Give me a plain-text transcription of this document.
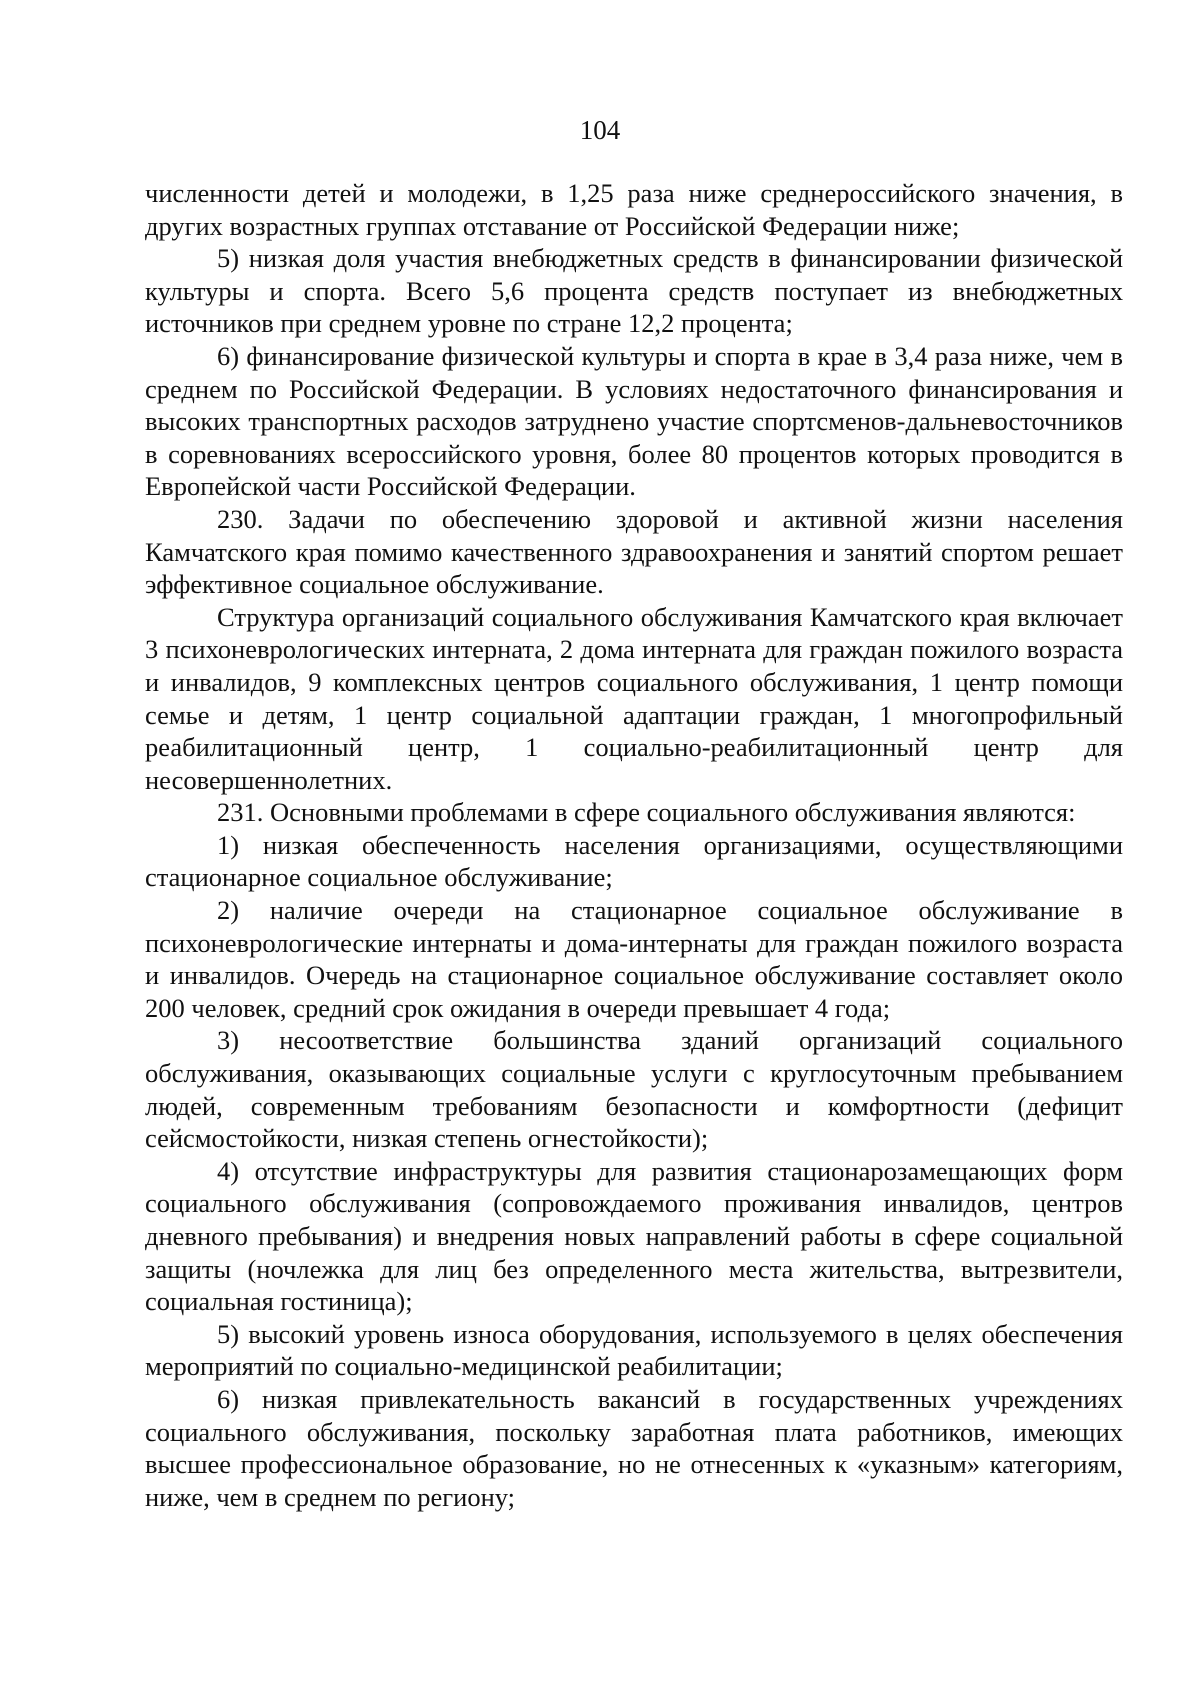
104

численности детей и молодежи, в 1,25 раза ниже среднероссийского значения, в других возрастных группах отставание от Российской Федерации ниже;

5) низкая доля участия внебюджетных средств в финансировании физической культуры и спорта. Всего 5,6 процента средств поступает из внебюджетных источников при среднем уровне по стране 12,2 процента;

6) финансирование физической культуры и спорта в крае в 3,4 раза ниже, чем в среднем по Российской Федерации. В условиях недостаточного финансирования и высоких транспортных расходов затруднено участие спортсменов-дальневосточников в соревнованиях всероссийского уровня, более 80 процентов которых проводится в Европейской части Российской Федерации.

230. Задачи по обеспечению здоровой и активной жизни населения Камчатского края помимо качественного здравоохранения и занятий спортом решает эффективное социальное обслуживание.

Структура организаций социального обслуживания Камчатского края включает 3 психоневрологических интерната, 2 дома интерната для граждан пожилого возраста и инвалидов, 9 комплексных центров социального обслуживания, 1 центр помощи семье и детям, 1 центр социальной адаптации граждан, 1 многопрофильный реабилитационный центр, 1 социально-реабилитационный центр для несовершеннолетних.

231. Основными проблемами в сфере социального обслуживания являются:

1) низкая обеспеченность населения организациями, осуществляющими стационарное социальное обслуживание;

2) наличие очереди на стационарное социальное обслуживание в психоневрологические интернаты и дома-интернаты для граждан пожилого возраста и инвалидов. Очередь на стационарное социальное обслуживание составляет около 200 человек, средний срок ожидания в очереди превышает 4 года;

3) несоответствие большинства зданий организаций социального обслуживания, оказывающих социальные услуги с круглосуточным пребыванием людей, современным требованиям безопасности и комфортности (дефицит сейсмостойкости, низкая степень огнестойкости);

4) отсутствие инфраструктуры для развития стационарозамещающих форм социального обслуживания (сопровождаемого проживания инвалидов, центров дневного пребывания) и внедрения новых направлений работы в сфере социальной защиты (ночлежка для лиц без определенного места жительства, вытрезвители, социальная гостиница);

5) высокий уровень износа оборудования, используемого в целях обеспечения мероприятий по социально-медицинской реабилитации;

6) низкая привлекательность вакансий в государственных учреждениях социального обслуживания, поскольку заработная плата работников, имеющих высшее профессиональное образование, но не отнесенных к «указным» категориям, ниже, чем в среднем по региону;
